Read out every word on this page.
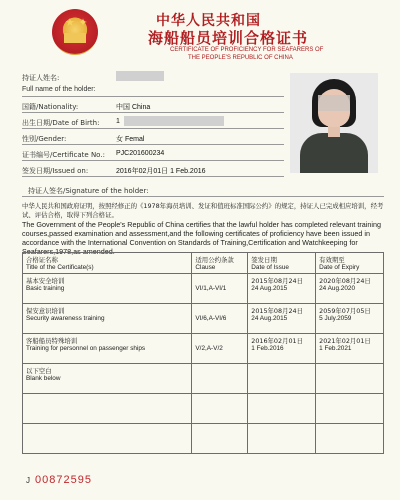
★ ✦	中华人民共和国
海船船员培训合格证书
CERTIFICATE OF PROFICIENCY FOR SEAFARERS OF
THE PEOPLE'S REPUBLIC OF CHINA
持证人姓名:
Full name of the holder:
国籍/Nationality:	中国 China
出生日期/Date of Birth: 1
性别/Gender:	女 Femal
证书编号/Certificate No.: PJC201600234
签发日期/Issued on:	2016年02月01日 1 Feb.2016
持证人签名/Signature of the holder:
中华人民共和国政府证明，按照经修正的《1978年海员培训、发证和值班标准国际公约》的规定，持证人已完成相应培训，经考试、评估合格，取得下列合格证。
The Government of the People's Republic of China certifies that the lawful holder has completed relevant training courses,passed examination and assessment,and the following certificates of proficiency have been issued in accordance with the International Convention on Standards of Training,Certification and Watchkeeping for Seafarers,1978,as amended.
合格证名称
Title of the Certificate(s)	适用公约条款
Clause	签发日期
Date of Issue	有效期至
Date of Expiry

基本安全培训
Basic training	VI/1,A-VI/1	2015年08月24日
24 Aug.2015	2020年08月24日
24 Aug.2020

保安意识培训
Security awareness training	VI/6,A-VI/6	2015年08月24日
24 Aug.2015	2059年07月05日
5 July.2059

客船船员特殊培训
Training for personnel on passenger ships	V/2,A-V/2	2016年02月01日
1 Feb.2016	2021年02月01日
1 Feb.2021

以下空白
Blank below		

J 00872595
